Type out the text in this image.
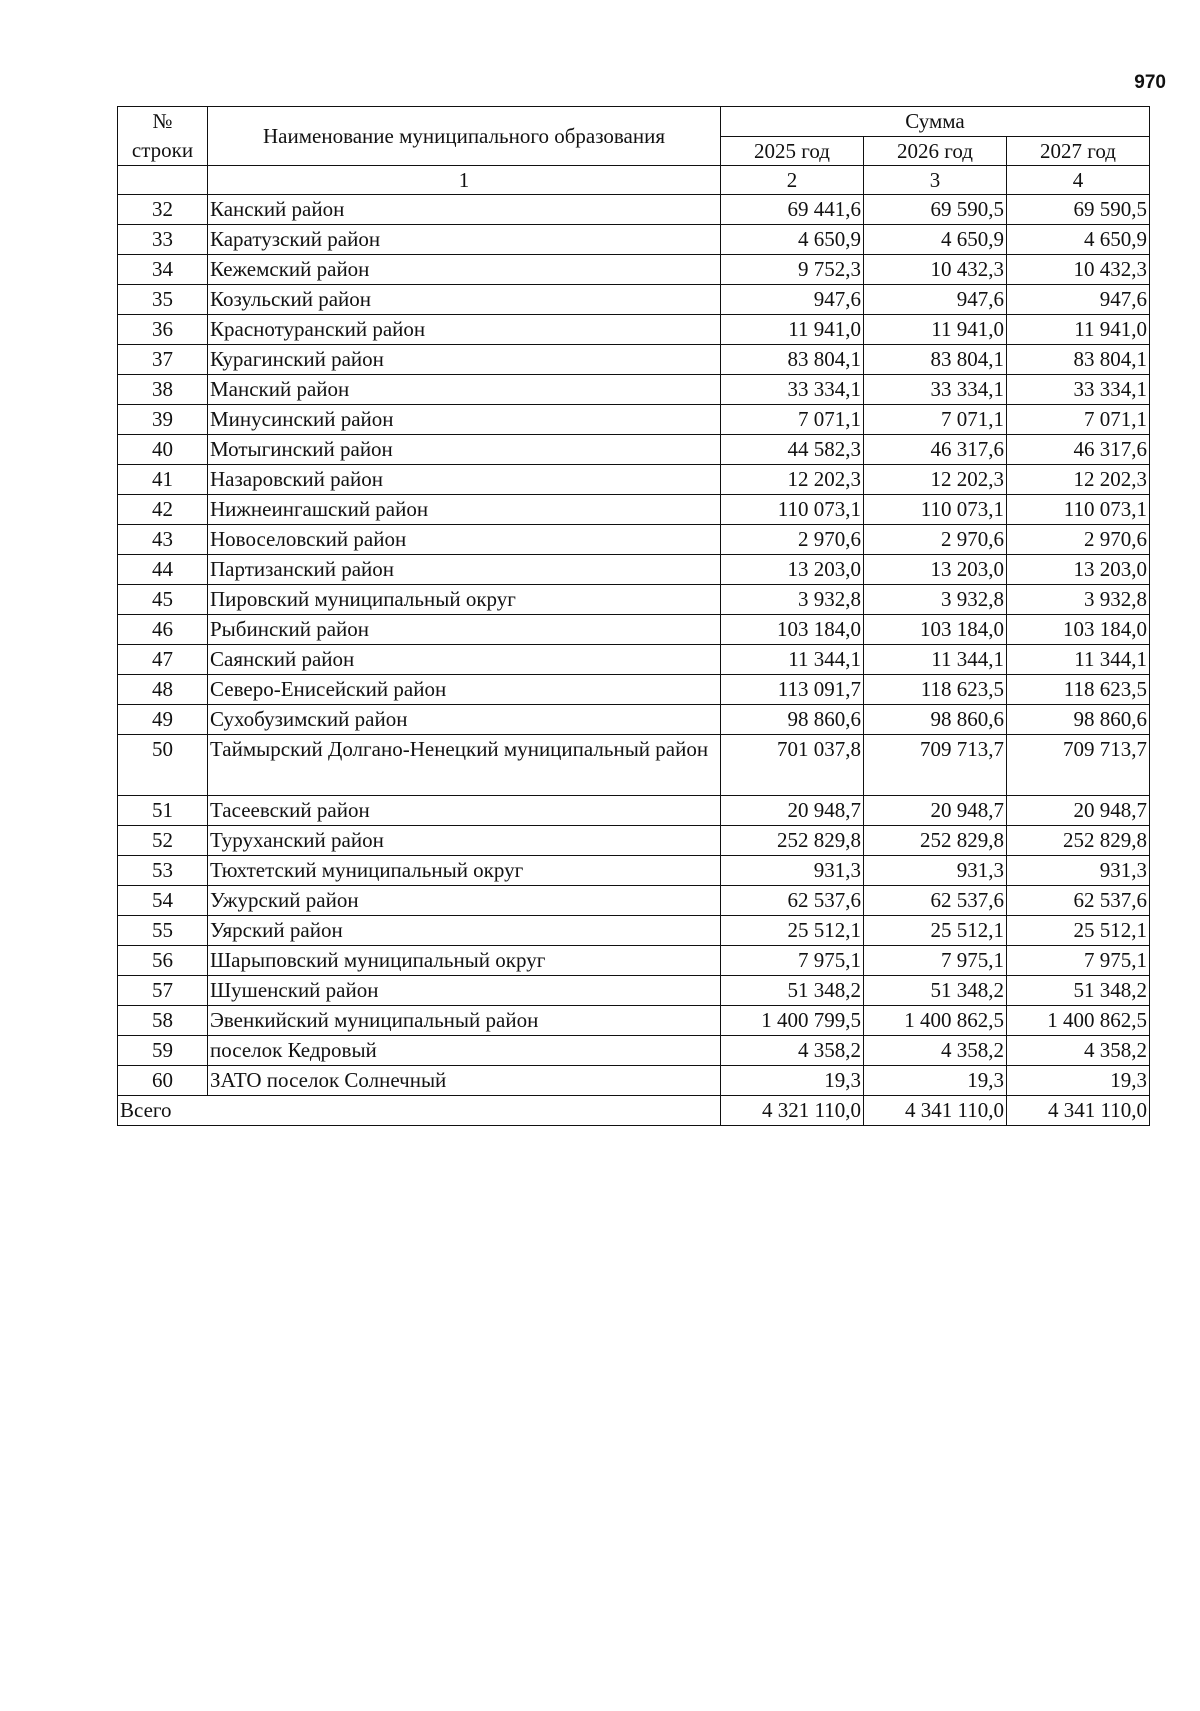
970
№
строки	Наименование муниципального образования	Сумма		
		2025 год	2026 год	2027 год
	1	2	3	4
32	Канский район	69 441,6	69 590,5	69 590,5
33	Каратузский район	4 650,9	4 650,9	4 650,9
34	Кежемский район	9 752,3	10 432,3	10 432,3
35	Козульский район	947,6	947,6	947,6
36	Краснотуранский район	11 941,0	11 941,0	11 941,0
37	Курагинский район	83 804,1	83 804,1	83 804,1
38	Манский район	33 334,1	33 334,1	33 334,1
39	Минусинский район	7 071,1	7 071,1	7 071,1
40	Мотыгинский район	44 582,3	46 317,6	46 317,6
41	Назаровский район	12 202,3	12 202,3	12 202,3
42	Нижнеингашский район	110 073,1	110 073,1	110 073,1
43	Новоселовский район	2 970,6	2 970,6	2 970,6
44	Партизанский район	13 203,0	13 203,0	13 203,0
45	Пировский муниципальный округ	3 932,8	3 932,8	3 932,8
46	Рыбинский район	103 184,0	103 184,0	103 184,0
47	Саянский район	11 344,1	11 344,1	11 344,1
48	Северо-Енисейский район	113 091,7	118 623,5	118 623,5
49	Сухобузимский район	98 860,6	98 860,6	98 860,6
50	Таймырский Долгано-Ненецкий муниципальный район	701 037,8	709 713,7	709 713,7
51	Тасеевский район	20 948,7	20 948,7	20 948,7
52	Туруханский район	252 829,8	252 829,8	252 829,8
53	Тюхтетский муниципальный округ	931,3	931,3	931,3
54	Ужурский район	62 537,6	62 537,6	62 537,6
55	Уярский район	25 512,1	25 512,1	25 512,1
56	Шарыповский муниципальный округ	7 975,1	7 975,1	7 975,1
57	Шушенский район	51 348,2	51 348,2	51 348,2
58	Эвенкийский муниципальный район	1 400 799,5	1 400 862,5	1 400 862,5
59	поселок Кедровый	4 358,2	4 358,2	4 358,2
60	ЗАТО поселок Солнечный	19,3	19,3	19,3
Всего		4 321 110,0	4 341 110,0	4 341 110,0
